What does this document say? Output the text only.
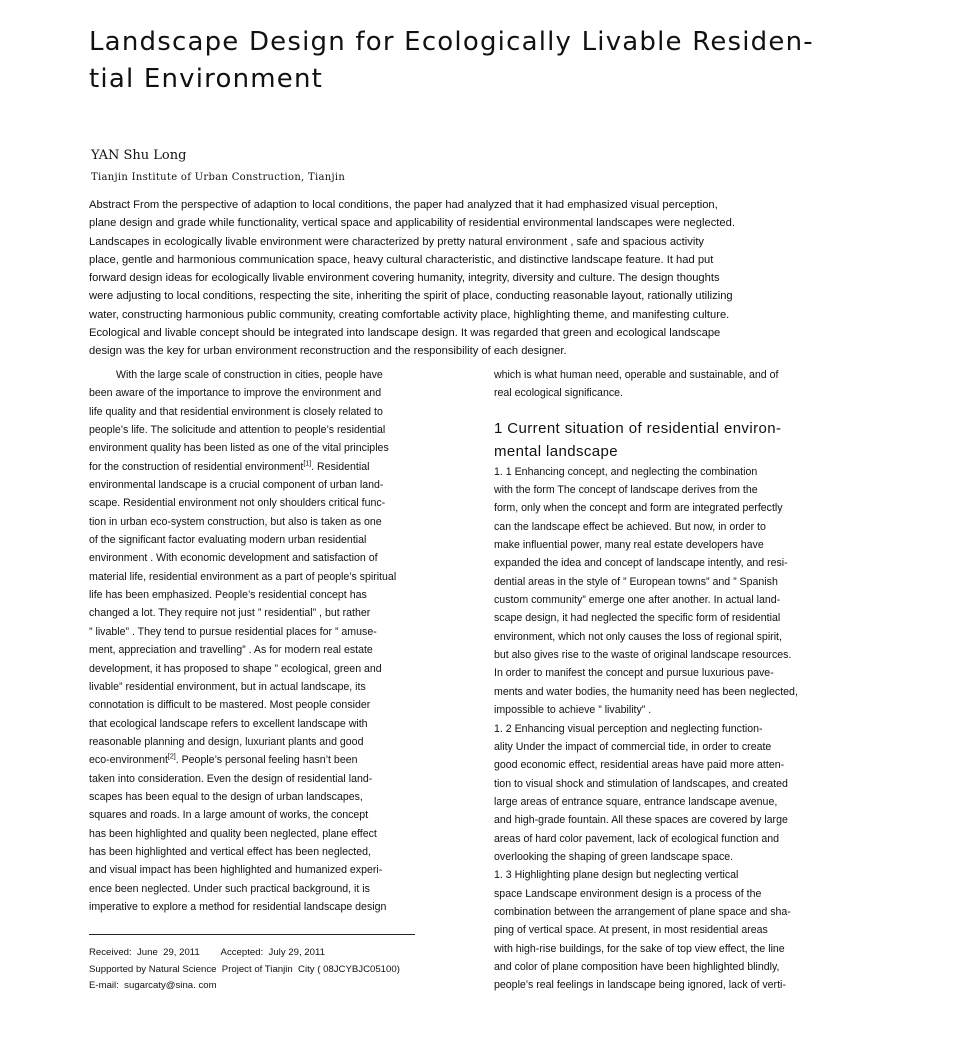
Landscape Design for Ecologically Livable Residen-
tial Environment
YAN Shu Long
Tianjin Institute of Urban Construction, Tianjin
Abstract From the perspective of adaption to local conditions, the paper had analyzed that it had emphasized visual perception,
plane design and grade while functionality, vertical space and applicability of residential environmental landscapes were neglected.
Landscapes in ecologically livable environment were characterized by pretty natural environment , safe and spacious activity
place, gentle and harmonious communication space, heavy cultural characteristic, and distinctive landscape feature. It had put
forward design ideas for ecologically livable environment covering humanity, integrity, diversity and culture. The design thoughts
were adjusting to local conditions, respecting the site, inheriting the spirit of place, conducting reasonable layout, rationally utilizing
water, constructing harmonious public community, creating comfortable activity place, highlighting theme, and manifesting culture.
Ecological and livable concept should be integrated into landscape design. It was regarded that green and ecological landscape
design was the key for urban environment reconstruction and the responsibility of each designer.
With the large scale of construction in cities, people have
been aware of the importance to improve the environment and
life quality and that residential environment is closely related to
people’s life. The solicitude and attention to people’s residential
environment quality has been listed as one of the vital principles
for the construction of residential environment[1]. Residential
environmental landscape is a crucial component of urban land-
scape. Residential environment not only shoulders critical func-
tion in urban eco-system construction, but also is taken as one
of the significant factor evaluating modern urban residential
environment . With economic development and satisfaction of
material life, residential environment as a part of people’s spiritual
life has been emphasized. People’s residential concept has
changed a lot. They require not just ” residential” , but rather
” livable” . They tend to pursue residential places for ” amuse-
ment, appreciation and travelling” . As for modern real estate
development, it has proposed to shape ” ecological, green and
livable” residential environment, but in actual landscape, its
connotation is difficult to be mastered. Most people consider
that ecological landscape refers to excellent landscape with
reasonable planning and design, luxuriant plants and good
eco-environment[2]. People’s personal feeling hasn’t been
taken into consideration. Even the design of residential land-
scapes has been equal to the design of urban landscapes,
squares and roads. In a large amount of works, the concept
has been highlighted and quality been neglected, plane effect
has been highlighted and vertical effect has been neglected,
and visual impact has been highlighted and humanized experi-
ence been neglected. Under such practical background, it is
imperative to explore a method for residential landscape design
which is what human need, operable and sustainable, and of
real ecological significance.
1 Current situation of residential environ-
mental landscape
1. 1 Enhancing concept, and neglecting the combination
with the form The concept of landscape derives from the
form, only when the concept and form are integrated perfectly
can the landscape effect be achieved. But now, in order to
make influential power, many real estate developers have
expanded the idea and concept of landscape intently, and resi-
dential areas in the style of ” European towns” and ” Spanish
custom community” emerge one after another. In actual land-
scape design, it had neglected the specific form of residential
environment, which not only causes the loss of regional spirit,
but also gives rise to the waste of original landscape resources.
In order to manifest the concept and pursue luxurious pave-
ments and water bodies, the humanity need has been neglected,
impossible to achieve ” livability” .
1. 2 Enhancing visual perception and neglecting function-
ality Under the impact of commercial tide, in order to create
good economic effect, residential areas have paid more atten-
tion to visual shock and stimulation of landscapes, and created
large areas of entrance square, entrance landscape avenue,
and high-grade fountain. All these spaces are covered by large
areas of hard color pavement, lack of ecological function and
overlooking the shaping of green landscape space.
1. 3 Highlighting plane design but neglecting vertical
space Landscape environment design is a process of the
combination between the arrangement of plane space and sha-
ping of vertical space. At present, in most residential areas
with high-rise buildings, for the sake of top view effect, the line
and color of plane composition have been highlighted blindly,
people’s real feelings in landscape being ignored, lack of verti-
Received:  June  29, 2011        Accepted:  July 29, 2011
Supported by Natural Science  Project of Tianjin  City ( 08JCYBJC05100)
E-mail:  sugarcaty@sina. com
